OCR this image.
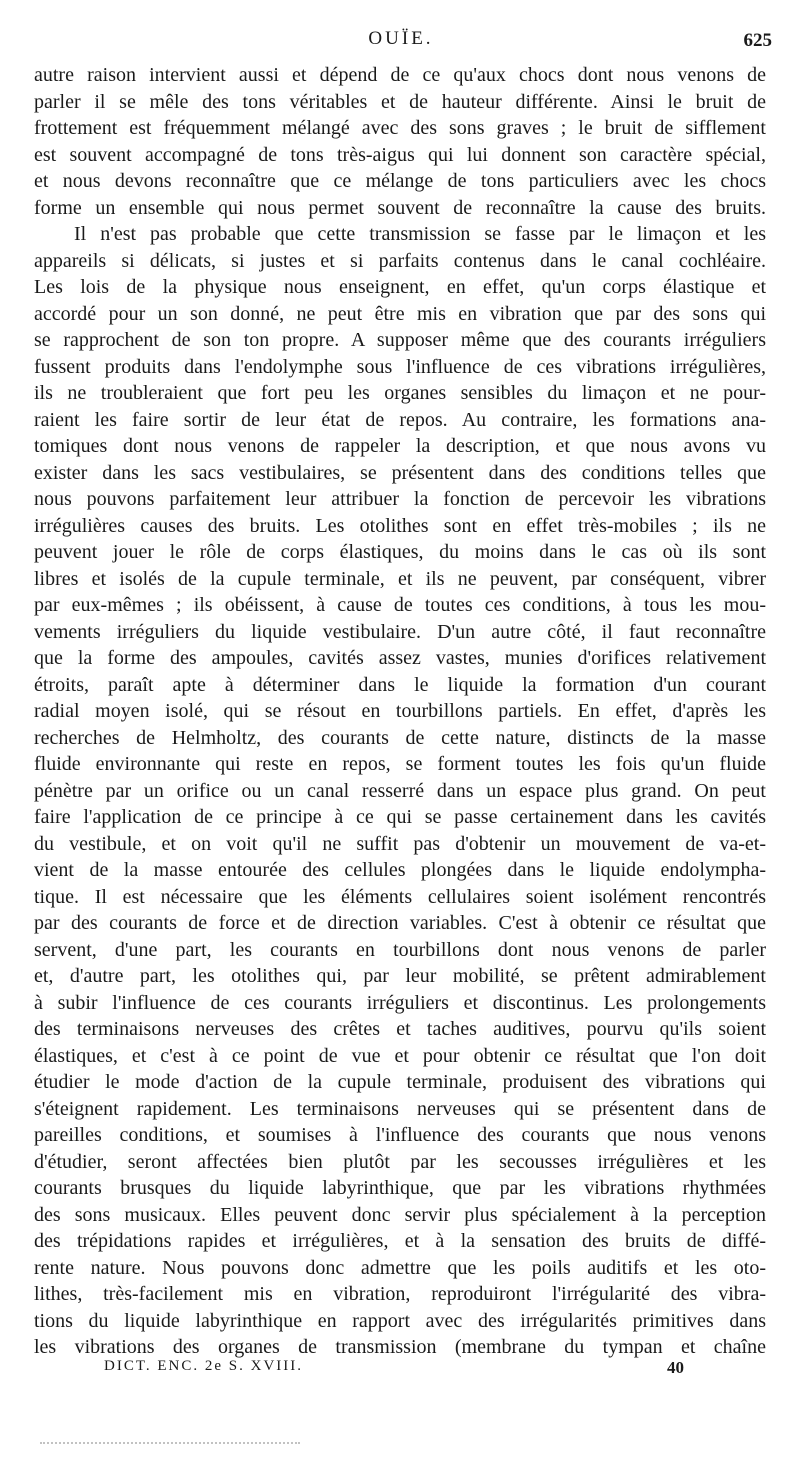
OUÏE.	625
autre raison intervient aussi et dépend de ce qu'aux chocs dont nous venons de
parler il se mêle des tons véritables et de hauteur différente. Ainsi le bruit de
frottement est fréquemment mélangé avec des sons graves ; le bruit de sifflement
est souvent accompagné de tons très-aigus qui lui donnent son caractère spécial,
et nous devons reconnaître que ce mélange de tons particuliers avec les chocs
forme un ensemble qui nous permet souvent de reconnaître la cause des bruits.
Il n'est pas probable que cette transmission se fasse par le limaçon et les
appareils si délicats, si justes et si parfaits contenus dans le canal cochléaire.
Les lois de la physique nous enseignent, en effet, qu'un corps élastique et
accordé pour un son donné, ne peut être mis en vibration que par des sons qui
se rapprochent de son ton propre. A supposer même que des courants irréguliers
fussent produits dans l'endolymphe sous l'influence de ces vibrations irrégulières,
ils ne troubleraient que fort peu les organes sensibles du limaçon et ne pour-
raient les faire sortir de leur état de repos. Au contraire, les formations ana-
tomiques dont nous venons de rappeler la description, et que nous avons vu
exister dans les sacs vestibulaires, se présentent dans des conditions telles que
nous pouvons parfaitement leur attribuer la fonction de percevoir les vibrations
irrégulières causes des bruits. Les otolithes sont en effet très-mobiles ; ils ne
peuvent jouer le rôle de corps élastiques, du moins dans le cas où ils sont
libres et isolés de la cupule terminale, et ils ne peuvent, par conséquent, vibrer
par eux-mêmes ; ils obéissent, à cause de toutes ces conditions, à tous les mou-
vements irréguliers du liquide vestibulaire. D'un autre côté, il faut reconnaître
que la forme des ampoules, cavités assez vastes, munies d'orifices relativement
étroits, paraît apte à déterminer dans le liquide la formation d'un courant
radial moyen isolé, qui se résout en tourbillons partiels. En effet, d'après les
recherches de Helmholtz, des courants de cette nature, distincts de la masse
fluide environnante qui reste en repos, se forment toutes les fois qu'un fluide
pénètre par un orifice ou un canal resserré dans un espace plus grand. On peut
faire l'application de ce principe à ce qui se passe certainement dans les cavités
du vestibule, et on voit qu'il ne suffit pas d'obtenir un mouvement de va-et-
vient de la masse entourée des cellules plongées dans le liquide endolympha-
tique. Il est nécessaire que les éléments cellulaires soient isolément rencontrés
par des courants de force et de direction variables. C'est à obtenir ce résultat que
servent, d'une part, les courants en tourbillons dont nous venons de parler
et, d'autre part, les otolithes qui, par leur mobilité, se prêtent admirablement
à subir l'influence de ces courants irréguliers et discontinus. Les prolongements
des terminaisons nerveuses des crêtes et taches auditives, pourvu qu'ils soient
élastiques, et c'est à ce point de vue et pour obtenir ce résultat que l'on doit
étudier le mode d'action de la cupule terminale, produisent des vibrations qui
s'éteignent rapidement. Les terminaisons nerveuses qui se présentent dans de
pareilles conditions, et soumises à l'influence des courants que nous venons
d'étudier, seront affectées bien plutôt par les secousses irrégulières et les
courants brusques du liquide labyrinthique, que par les vibrations rhythmées
des sons musicaux. Elles peuvent donc servir plus spécialement à la perception
des trépidations rapides et irrégulières, et à la sensation des bruits de diffé-
rente nature. Nous pouvons donc admettre que les poils auditifs et les oto-
lithes, très-facilement mis en vibration, reproduiront l'irrégularité des vibra-
tions du liquide labyrinthique en rapport avec des irrégularités primitives dans
les vibrations des organes de transmission (membrane du tympan et chaîne
DICT. ENC. 2e S. XVIII.	40
